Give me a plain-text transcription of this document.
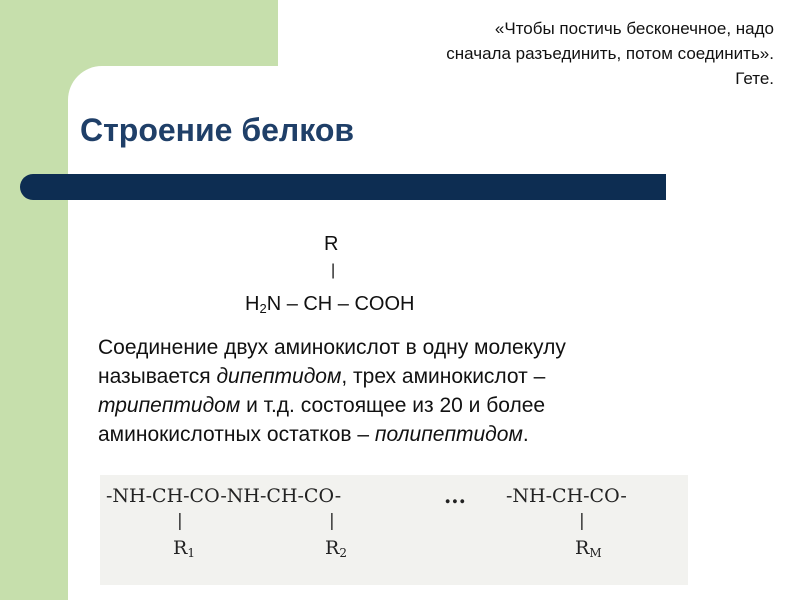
«Чтобы постичь бесконечное, надо
сначала разъединить, потом соединить».
Гете.
Строение белков
R
|
H2N – CH – COOH
Соединение двух аминокислот в одну молекулу
называется дипептидом, трех аминокислот –
трипептидом и т.д. состоящее из 20 и более
аминокислотных остатков – полипептидом.
-NH-CH-CO-NH-CH-CO-	... -NH-CH-CO-
|	|	|
R1	R2	RM
